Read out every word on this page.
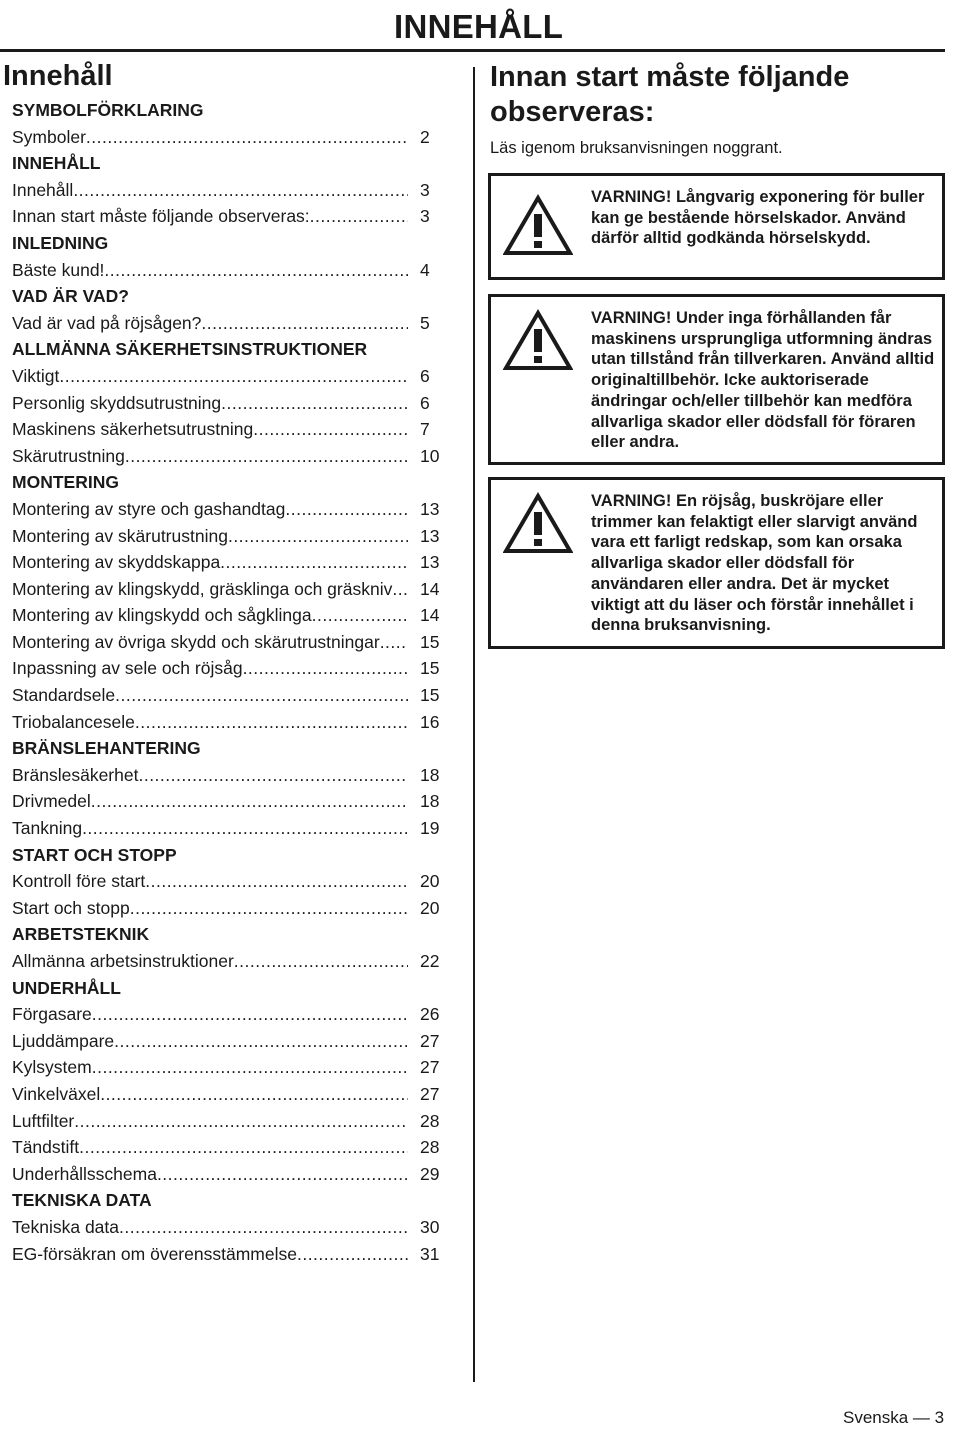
INNEHÅLL
Innehåll
SYMBOLFÖRKLARING
Symboler .....	2
INNEHÅLL
Innehåll .....	3
Innan start måste följande observeras: .....	3
INLEDNING
Bäste kund! .....	4
VAD ÄR VAD?
Vad är vad på röjsågen? .....	5
ALLMÄNNA SÄKERHETSINSTRUKTIONER
Viktigt .....	6
Personlig skyddsutrustning .....	6
Maskinens säkerhetsutrustning .....	7
Skärutrustning .....	10
MONTERING
Montering av styre och gashandtag .....	13
Montering av skärutrustning .....	13
Montering av skyddskappa .....	13
Montering av klingskydd, gräsklinga och gräskniv ..... 14
Montering av klingskydd och sågklinga .....	14
Montering av övriga skydd och skärutrustningar ..... 15
Inpassning av sele och röjsåg .....	15
Standardsele .....	15
Triobalancesele .....	16
BRÄNSLEHANTERING
Bränslesäkerhet .....	18
Drivmedel .....	18
Tankning .....	19
START OCH STOPP
Kontroll före start .....	20
Start och stopp .....	20
ARBETSTEKNIK
Allmänna arbetsinstruktioner .....	22
UNDERHÅLL
Förgasare .....	26
Ljuddämpare .....	27
Kylsystem .....	27
Vinkelväxel .....	27
Luftfilter .....	28
Tändstift .....	28
Underhållsschema .....	29
TEKNISKA DATA
Tekniska data .....	30
EG-försäkran om överensstämmelse .....	31
Innan start måste följande observeras:
Läs igenom bruksanvisningen noggrant.
VARNING! Långvarig exponering för buller kan ge bestående hörselskador. Använd därför alltid godkända hörselskydd.
VARNING! Under inga förhållanden får maskinens ursprungliga utformning ändras utan tillstånd från tillverkaren. Använd alltid originaltillbehör. Icke auktoriserade ändringar och/eller tillbehör kan medföra allvarliga skador eller dödsfall för föraren eller andra.
VARNING! En röjsåg, buskröjare eller trimmer kan felaktigt eller slarvigt använd vara ett farligt redskap, som kan orsaka allvarliga skador eller dödsfall för användaren eller andra. Det är mycket viktigt att du läser och förstår innehållet i denna bruksanvisning.
Svenska — 3
